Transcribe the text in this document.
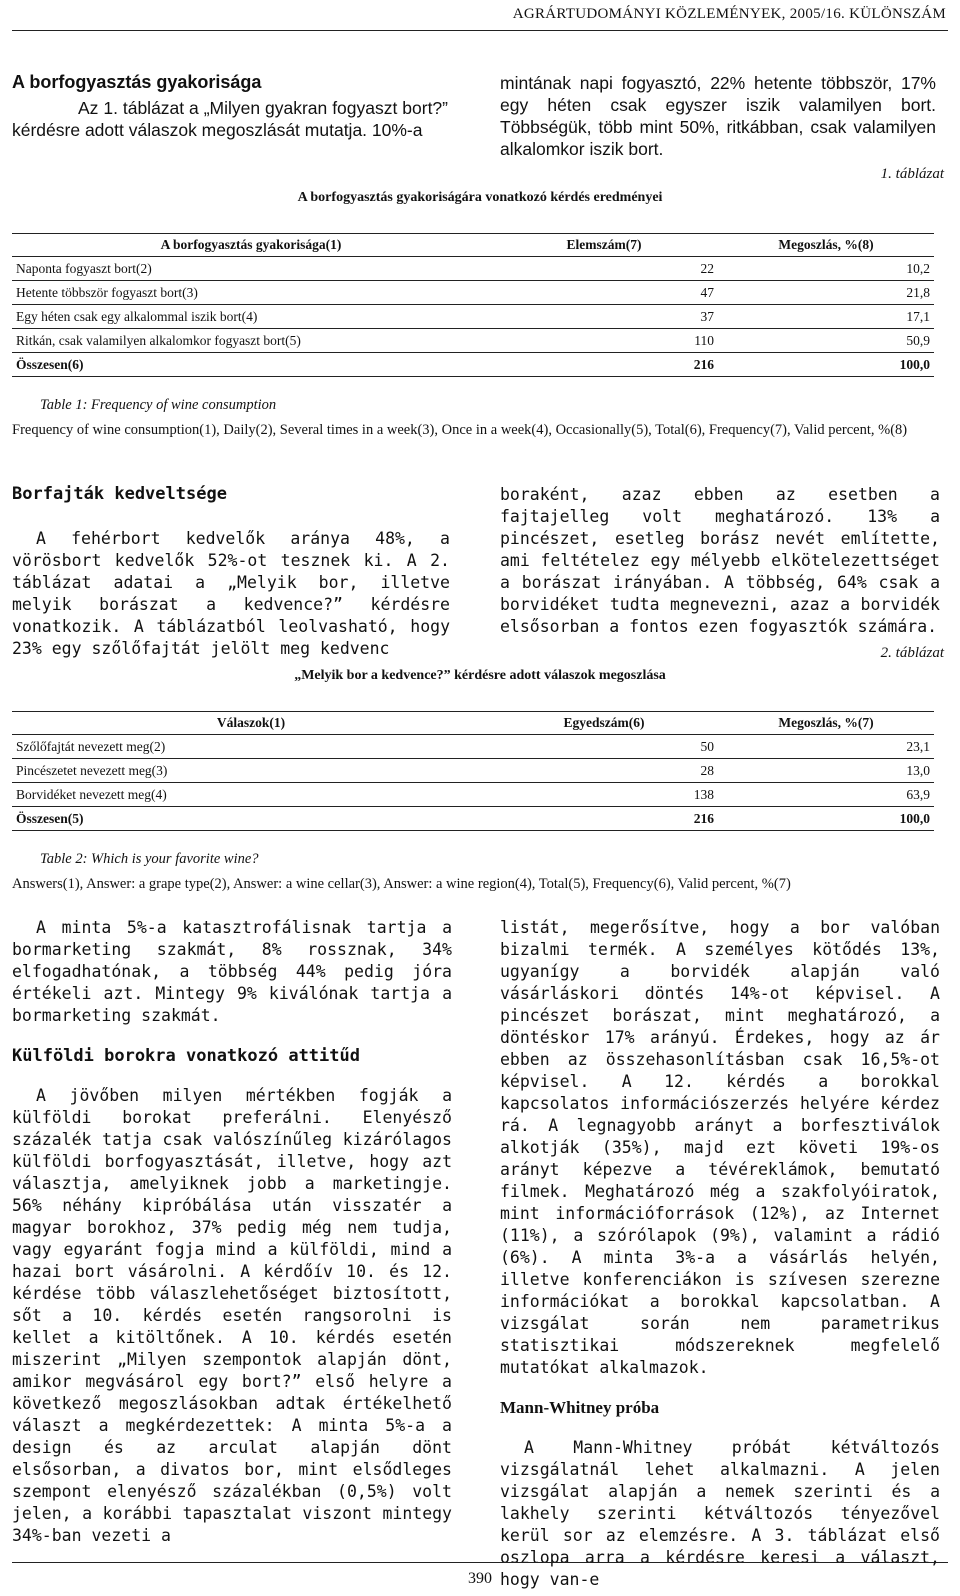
AGRÁRTUDOMÁNYI KÖZLEMÉNYEK, 2005/16. KÜLÖNSZÁM
A borfogyasztás gyakorisága
Az 1. táblázat a „Milyen gyakran fogyaszt bort?” kérdésre adott válaszok megoszlását mutatja. 10%-a
mintának napi fogyasztó, 22% hetente többször, 17% egy héten csak egyszer iszik valamilyen bort. Többségük, több mint 50%, ritkábban, csak valamilyen alkalomkor iszik bort.
1. táblázat
A borfogyasztás gyakoriságára vonatkozó kérdés eredményei
A borfogyasztás gyakorisága(1)	Elemszám(7)	Megoszlás, %(8)
Naponta fogyaszt bort(2)	22	10,2
Hetente többször fogyaszt bort(3)	47	21,8
Egy héten csak egy alkalommal iszik bort(4)	37	17,1
Ritkán, csak valamilyen alkalomkor fogyaszt bort(5)	110	50,9
Összesen(6)	216	100,0
Table 1: Frequency of wine consumption
Frequency of wine consumption(1), Daily(2), Several times in a week(3), Once in a week(4), Occasionally(5), Total(6), Frequency(7), Valid percent, %(8)
Borfajták kedveltsége
A fehérbort kedvelők aránya 48%, a vörösbort kedvelők 52%-ot tesznek ki. A 2. táblázat adatai a „Melyik bor, illetve melyik borászat a kedvence?” kérdésre vonatkozik. A táblázatból leolvasható, hogy 23% egy szőlőfajtát jelölt meg kedvenc
boraként, azaz ebben az esetben a fajtajelleg volt meghatározó. 13% a pincészet, esetleg borász nevét említette, ami feltételez egy mélyebb elkötelezettséget a borászat irányában. A többség, 64% csak a borvidéket tudta megnevezni, azaz a borvidék elsősorban a fontos ezen fogyasztók számára.
2. táblázat
„Melyik bor a kedvence?” kérdésre adott válaszok megoszlása
Válaszok(1)	Egyedszám(6)	Megoszlás, %(7)
Szőlőfajtát nevezett meg(2)	50	23,1
Pincészetet nevezett meg(3)	28	13,0
Borvidéket nevezett meg(4)	138	63,9
Összesen(5)	216	100,0
Table 2: Which is your favorite wine?
Answers(1), Answer: a grape type(2), Answer: a wine cellar(3), Answer: a wine region(4), Total(5), Frequency(6), Valid percent, %(7)
A minta 5%-a katasztrofálisnak tartja a bormarketing szakmát, 8% rossznak, 34% elfogadhatónak, a többség 44% pedig jóra értékeli azt. Mintegy 9% kiválónak tartja a bormarketing szakmát.
Külföldi borokra vonatkozó attitűd
A jövőben milyen mértékben fogják a külföldi borokat preferálni. Elenyésző százalék tatja csak valószínűleg kizárólagos külföldi borfogyasztását, illetve, hogy azt választja, amelyiknek jobb a marketingje. 56% néhány kipróbálása után visszatér a magyar borokhoz, 37% pedig még nem tudja, vagy egyaránt fogja mind a külföldi, mind a hazai bort vásárolni. A kérdőív 10. és 12. kérdése több válaszlehetőséget biztosított, sőt a 10. kérdés esetén rangsorolni is kellet a kitöltőnek. A 10. kérdés esetén miszerint „Milyen szempontok alapján dönt, amikor megvásárol egy bort?” első helyre a következő megoszlásokban adtak értékelhető választ a megkérdezettek: A minta 5%-a a design és az arculat alapján dönt elsősorban, a divatos bor, mint elsődleges szempont elenyésző százalékban (0,5%) volt jelen, a korábbi tapasztalat viszont mintegy 34%-ban vezeti a
listát, megerősítve, hogy a bor valóban bizalmi termék. A személyes kötődés 13%, ugyanígy a borvidék alapján való vásárláskori döntés 14%-ot képvisel. A pincészet borászat, mint meghatározó, a döntéskor 17% arányú. Érdekes, hogy az ár ebben az összehasonlításban csak 16,5%-ot képvisel. A 12. kérdés a borokkal kapcsolatos információszerzés helyére kérdez rá. A legnagyobb arányt a borfesztiválok alkotják (35%), majd ezt követi 19%-os arányt képezve a tévéreklámok, bemutató filmek. Meghatározó még a szakfolyóiratok, mint információforrások (12%), az Internet (11%), a szórólapok (9%), valamint a rádió (6%). A minta 3%-a a vásárlás helyén, illetve konferenciákon is szívesen szerezne információkat a borokkal kapcsolatban. A vizsgálat során nem parametrikus statisztikai módszereknek megfelelő mutatókat alkalmazok.
Mann-Whitney próba
A Mann-Whitney próbát kétváltozós vizsgálatnál lehet alkalmazni. A jelen vizsgálat alapján a nemek szerinti és a lakhely szerinti kétváltozós tényezővel kerül sor az elemzésre. A 3. táblázat első oszlopa arra a kérdésre keresi a választ, hogy van-e
390
